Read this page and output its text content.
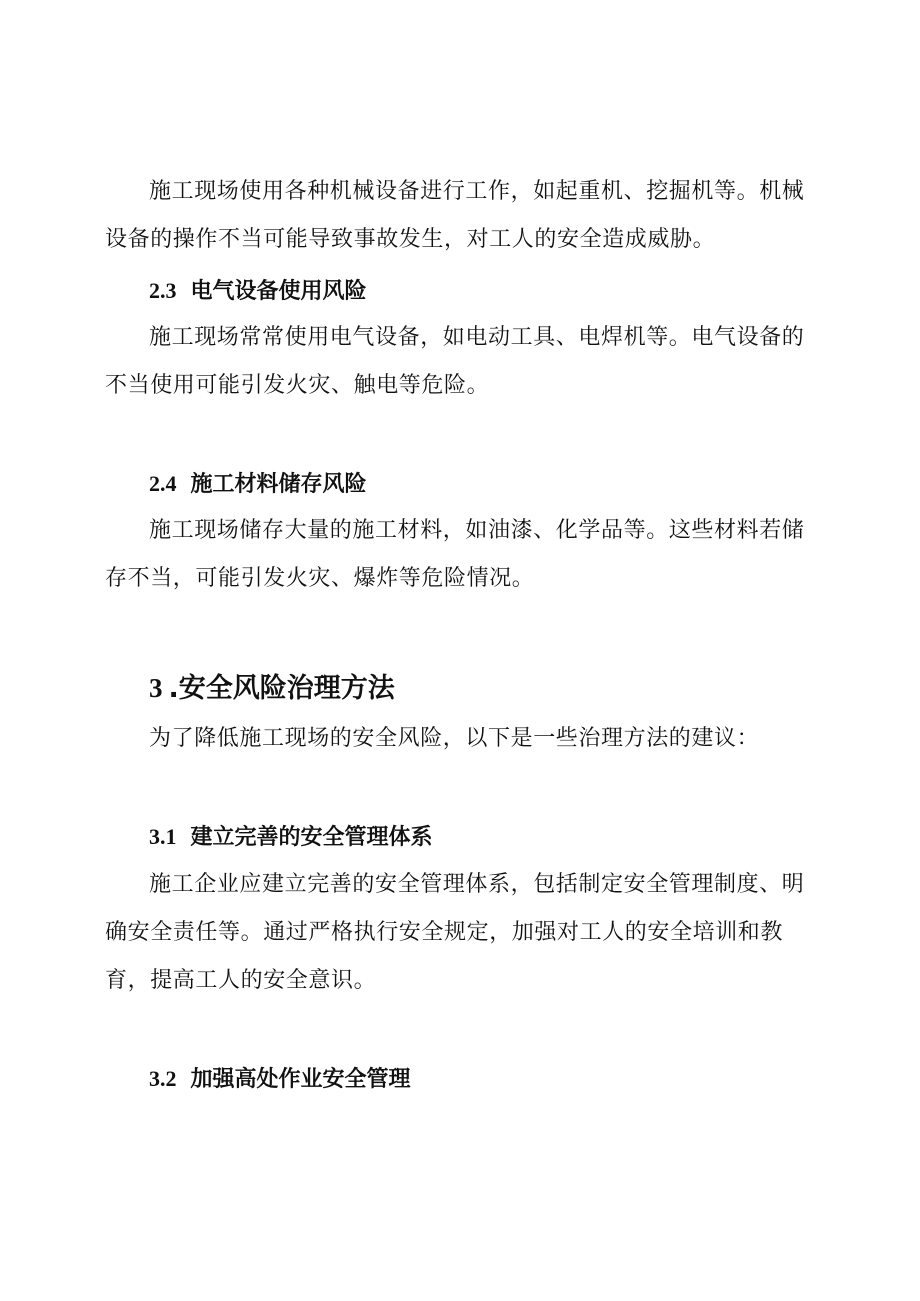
施工现场使用各种机械设备进行工作，如起重机、挖掘机等。机械设备的操作不当可能导致事故发生，对工人的安全造成威胁。

2.3 电气设备使用风险

施工现场常常使用电气设备，如电动工具、电焊机等。电气设备的不当使用可能引发火灾、触电等危险。

2.4 施工材料储存风险

施工现场储存大量的施工材料，如油漆、化学品等。这些材料若储存不当，可能引发火灾、爆炸等危险情况。

3 .安全风险治理方法

为了降低施工现场的安全风险，以下是一些治理方法的建议：

3.1 建立完善的安全管理体系

施工企业应建立完善的安全管理体系，包括制定安全管理制度、明确安全责任等。通过严格执行安全规定，加强对工人的安全培训和教育，提高工人的安全意识。

3.2 加强高处作业安全管理
